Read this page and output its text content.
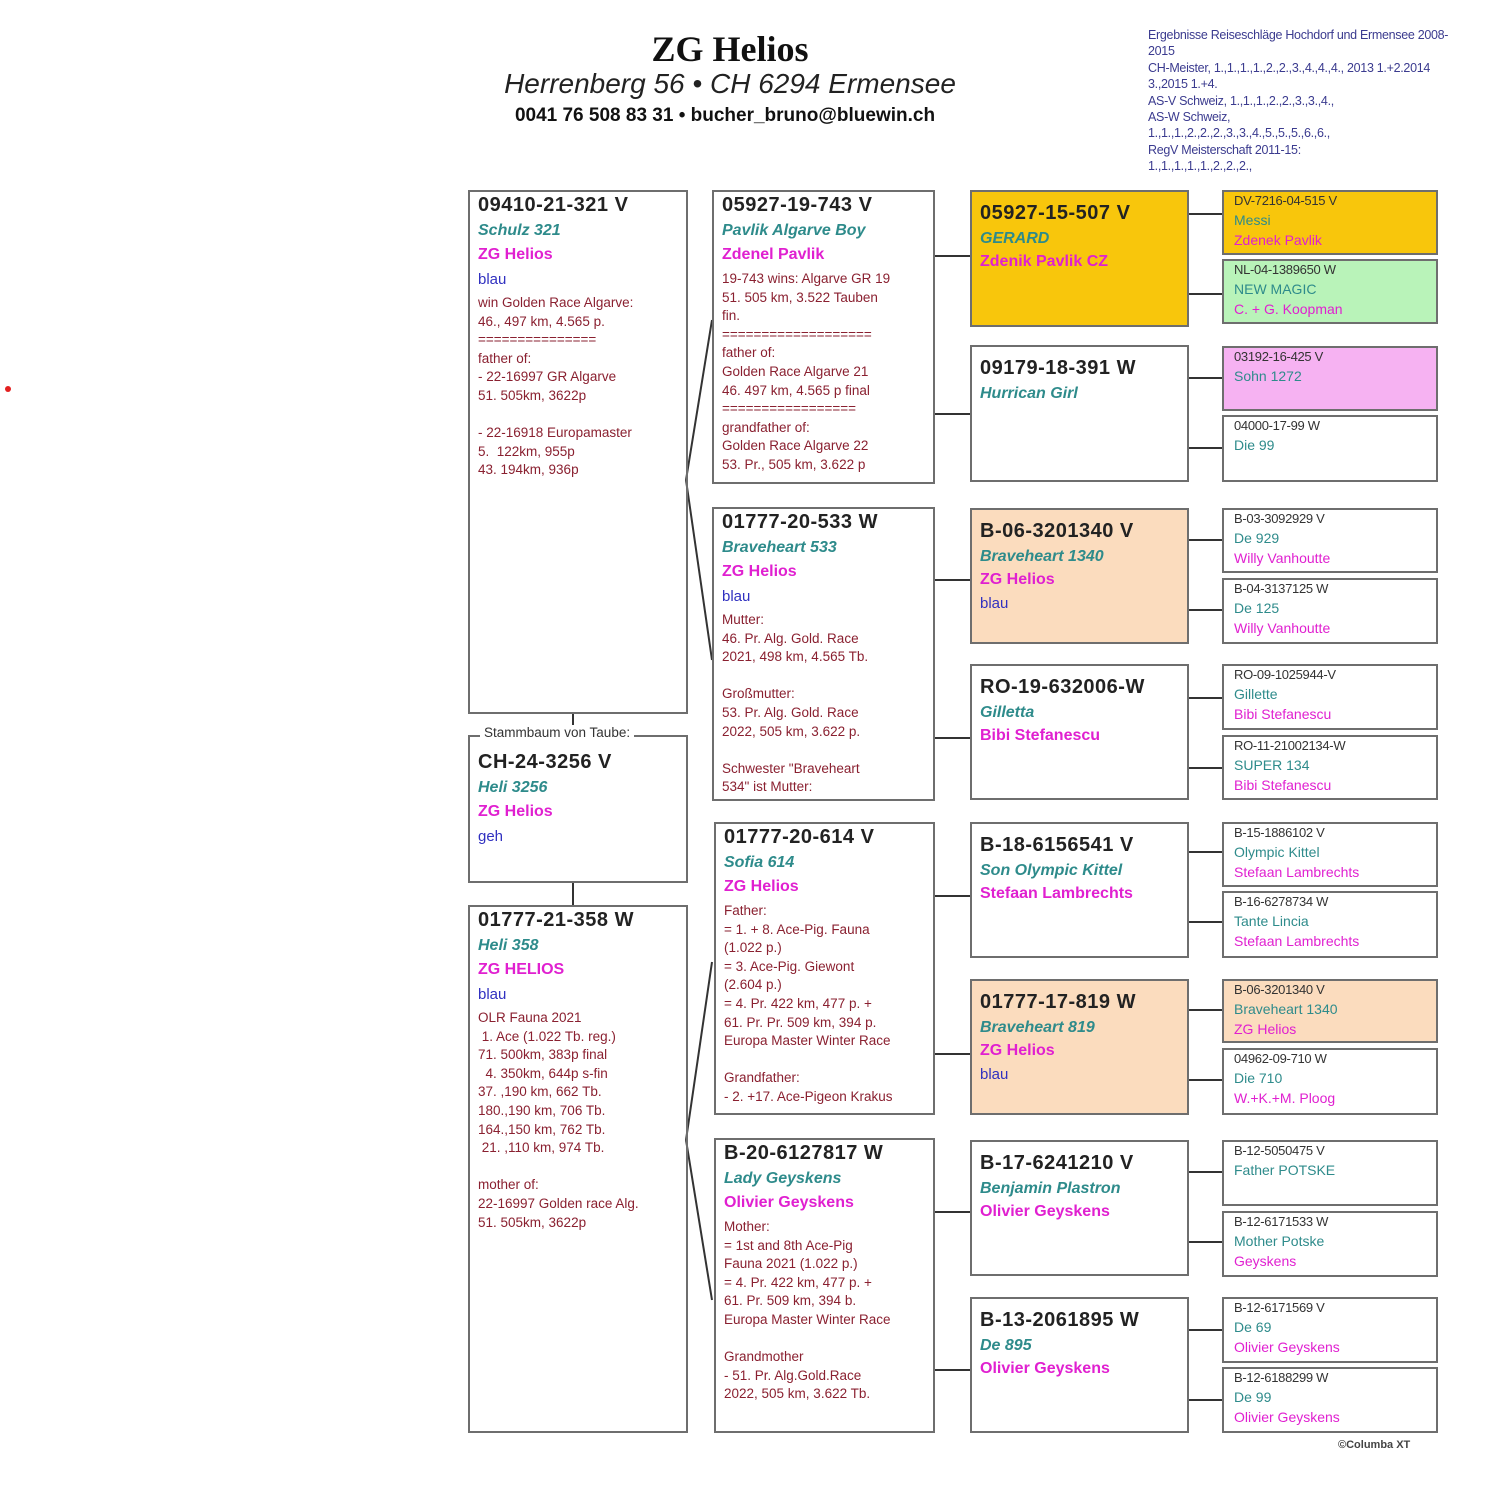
ZG Helios
Herrenberg 56 • CH 6294 Ermensee
0041 76 508 83 31 • bucher_bruno@bluewin.ch
Ergebnisse Reiseschläge Hochdorf und Ermensee 2008-2015
CH-Meister, 1.,1.,1.,1.,2.,2.,3.,4.,4.,4., 2013 1.+2.2014 3.,2015 1.+4.
AS-V Schweiz, 1.,1.,1.,2.,2.,3.,3.,4.,
AS-W Schweiz,
1.,1.,1.,2.,2.,2.,3.,3.,4.,5.,5.,5.,6.,6.,
RegV Meisterschaft 2011-15:
1.,1.,1.,1.,1.,2.,2.,2.,
09410-21-321 V
Schulz 321
ZG Helios
blau
win Golden Race Algarve:
46., 497 km, 4.565 p.
===============
father of:
- 22-16997 GR Algarve
51. 505km, 3622p

- 22-16918 Europamaster
5.  122km, 955p
43. 194km, 936p
CH-24-3256 V
Heli 3256
ZG Helios
geh
Stammbaum von Taube:
01777-21-358 W
Heli 358
ZG HELIOS
blau
OLR Fauna 2021
1. Ace (1.022 Tb. reg.)
71. 500km, 383p final
4. 350km, 644p s-fin
37. ,190 km, 662 Tb.
180.,190 km, 706 Tb.
164.,150 km, 762 Tb.
21. ,110 km, 974 Tb.

mother of:
22-16997 Golden race Alg.
51. 505km, 3622p
05927-19-743 V
Pavlik Algarve Boy
Zdenel Pavlik
19-743 wins: Algarve GR 19
51. 505 km, 3.522 Tauben
fin.
===================
father of:
Golden Race Algarve 21
46. 497 km, 4.565 p final
=================
grandfather of:
Golden Race Algarve 22
53. Pr., 505 km, 3.622 p
01777-20-533 W
Braveheart 533
ZG Helios
blau
Mutter:
46. Pr. Alg. Gold. Race
2021, 498 km, 4.565 Tb.

Großmutter:
53. Pr. Alg. Gold. Race
2022, 505 km, 3.622 p.

Schwester "Braveheart
534" ist Mutter:
01777-20-614 V
Sofia 614
ZG Helios
Father:
= 1. + 8. Ace-Pig. Fauna
(1.022 p.)
= 3. Ace-Pig. Giewont
(2.604 p.)
= 4. Pr. 422 km, 477 p. +
61. Pr. Pr. 509 km, 394 p.
Europa Master Winter Race

Grandfather:
- 2. +17. Ace-Pigeon Krakus
B-20-6127817 W
Lady Geyskens
Olivier Geyskens
Mother:
= 1st and 8th Ace-Pig
Fauna 2021 (1.022 p.)
= 4. Pr. 422 km, 477 p. +
61. Pr. 509 km, 394 b.
Europa Master Winter Race

Grandmother
- 51. Pr. Alg.Gold.Race
2022, 505 km, 3.622 Tb.
05927-15-507 V
GERARD
Zdenik Pavlik CZ
09179-18-391 W
Hurrican Girl
B-06-3201340 V
Braveheart 1340
ZG Helios
blau
RO-19-632006-W
Gilletta
Bibi Stefanescu
B-18-6156541 V
Son Olympic Kittel
Stefaan Lambrechts
01777-17-819 W
Braveheart 819
ZG Helios
blau
B-17-6241210 V
Benjamin Plastron
Olivier Geyskens
B-13-2061895 W
De 895
Olivier Geyskens
DV-7216-04-515 V
Messi
Zdenek Pavlik
NL-04-1389650 W
NEW MAGIC
C. + G. Koopman
03192-16-425 V
Sohn 1272
04000-17-99 W
Die 99
B-03-3092929 V
De 929
Willy Vanhoutte
B-04-3137125 W
De 125
Willy Vanhoutte
RO-09-1025944-V
Gillette
Bibi Stefanescu
RO-11-21002134-W
SUPER 134
Bibi Stefanescu
B-15-1886102 V
Olympic Kittel
Stefaan Lambrechts
B-16-6278734 W
Tante Lincia
Stefaan Lambrechts
B-06-3201340 V
Braveheart 1340
ZG Helios
04962-09-710 W
Die 710
W.+K.+M. Ploog
B-12-5050475 V
Father POTSKE
B-12-6171533 W
Mother Potske
Geyskens
B-12-6171569 V
De 69
Olivier Geyskens
B-12-6188299 W
De 99
Olivier Geyskens
©Columba XT
